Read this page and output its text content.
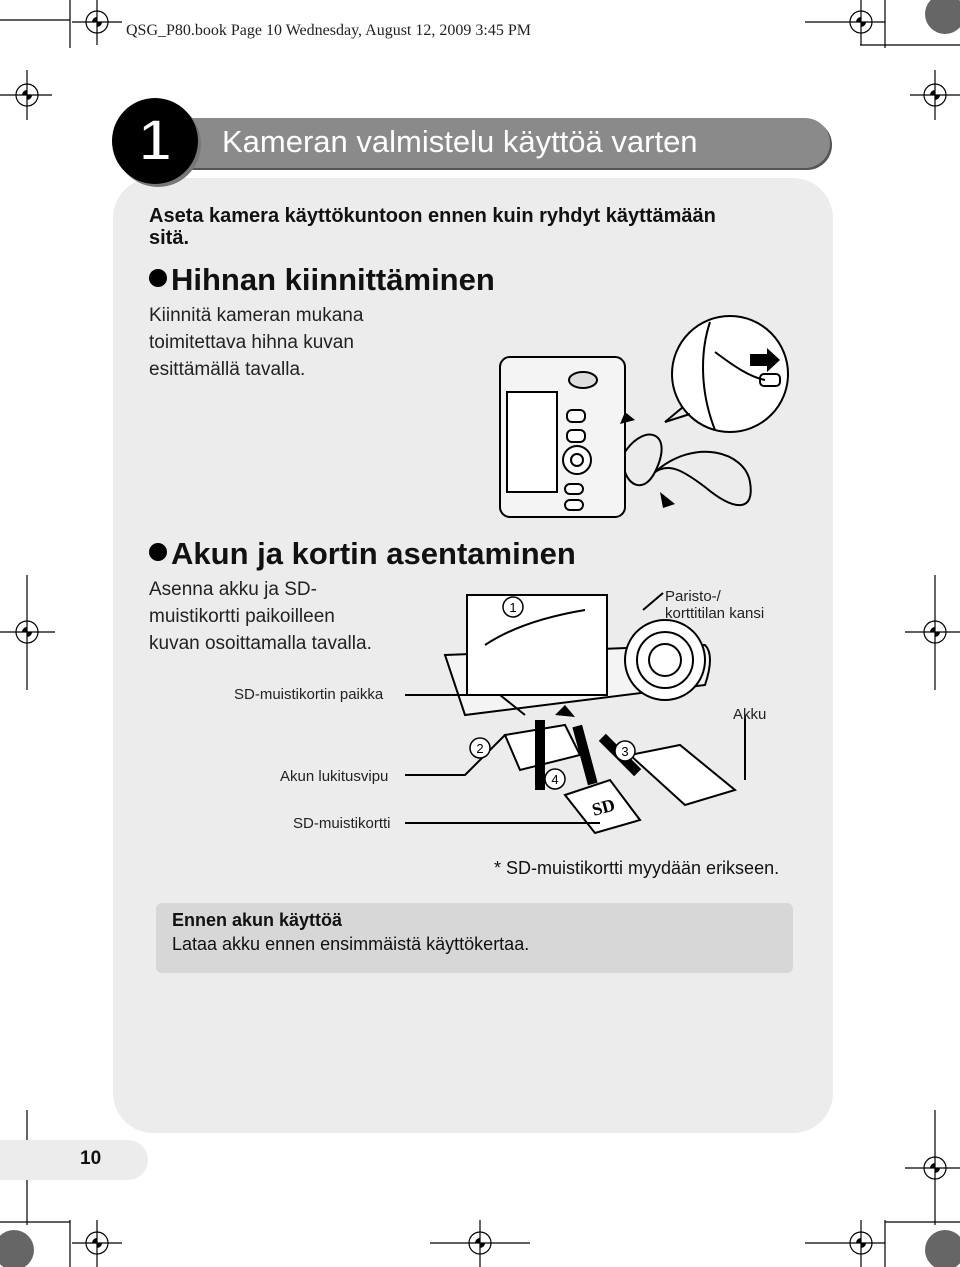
QSG_P80.book Page 10 Wednesday, August 12, 2009 3:45 PM
Kameran valmistelu käyttöä varten
1
Aseta kamera käyttökuntoon ennen kuin ryhdyt käyttämään sitä.
Hihnan kiinnittäminen
Kiinnitä kameran mukana
toimitettava hihna kuvan
esittämällä tavalla.
Akun ja kortin asentaminen
Asenna akku ja SD-
muistikortti paikoilleen
kuvan osoittamalla tavalla.
1
2	3
4
SD
Paristo-/
korttitilan kansi
SD-muistikortin paikka
Akku
Akun lukitusvipu
SD-muistikortti
* SD-muistikortti myydään erikseen.
Ennen akun käyttöä
Lataa akku ennen ensimmäistä käyttökertaa.
10
